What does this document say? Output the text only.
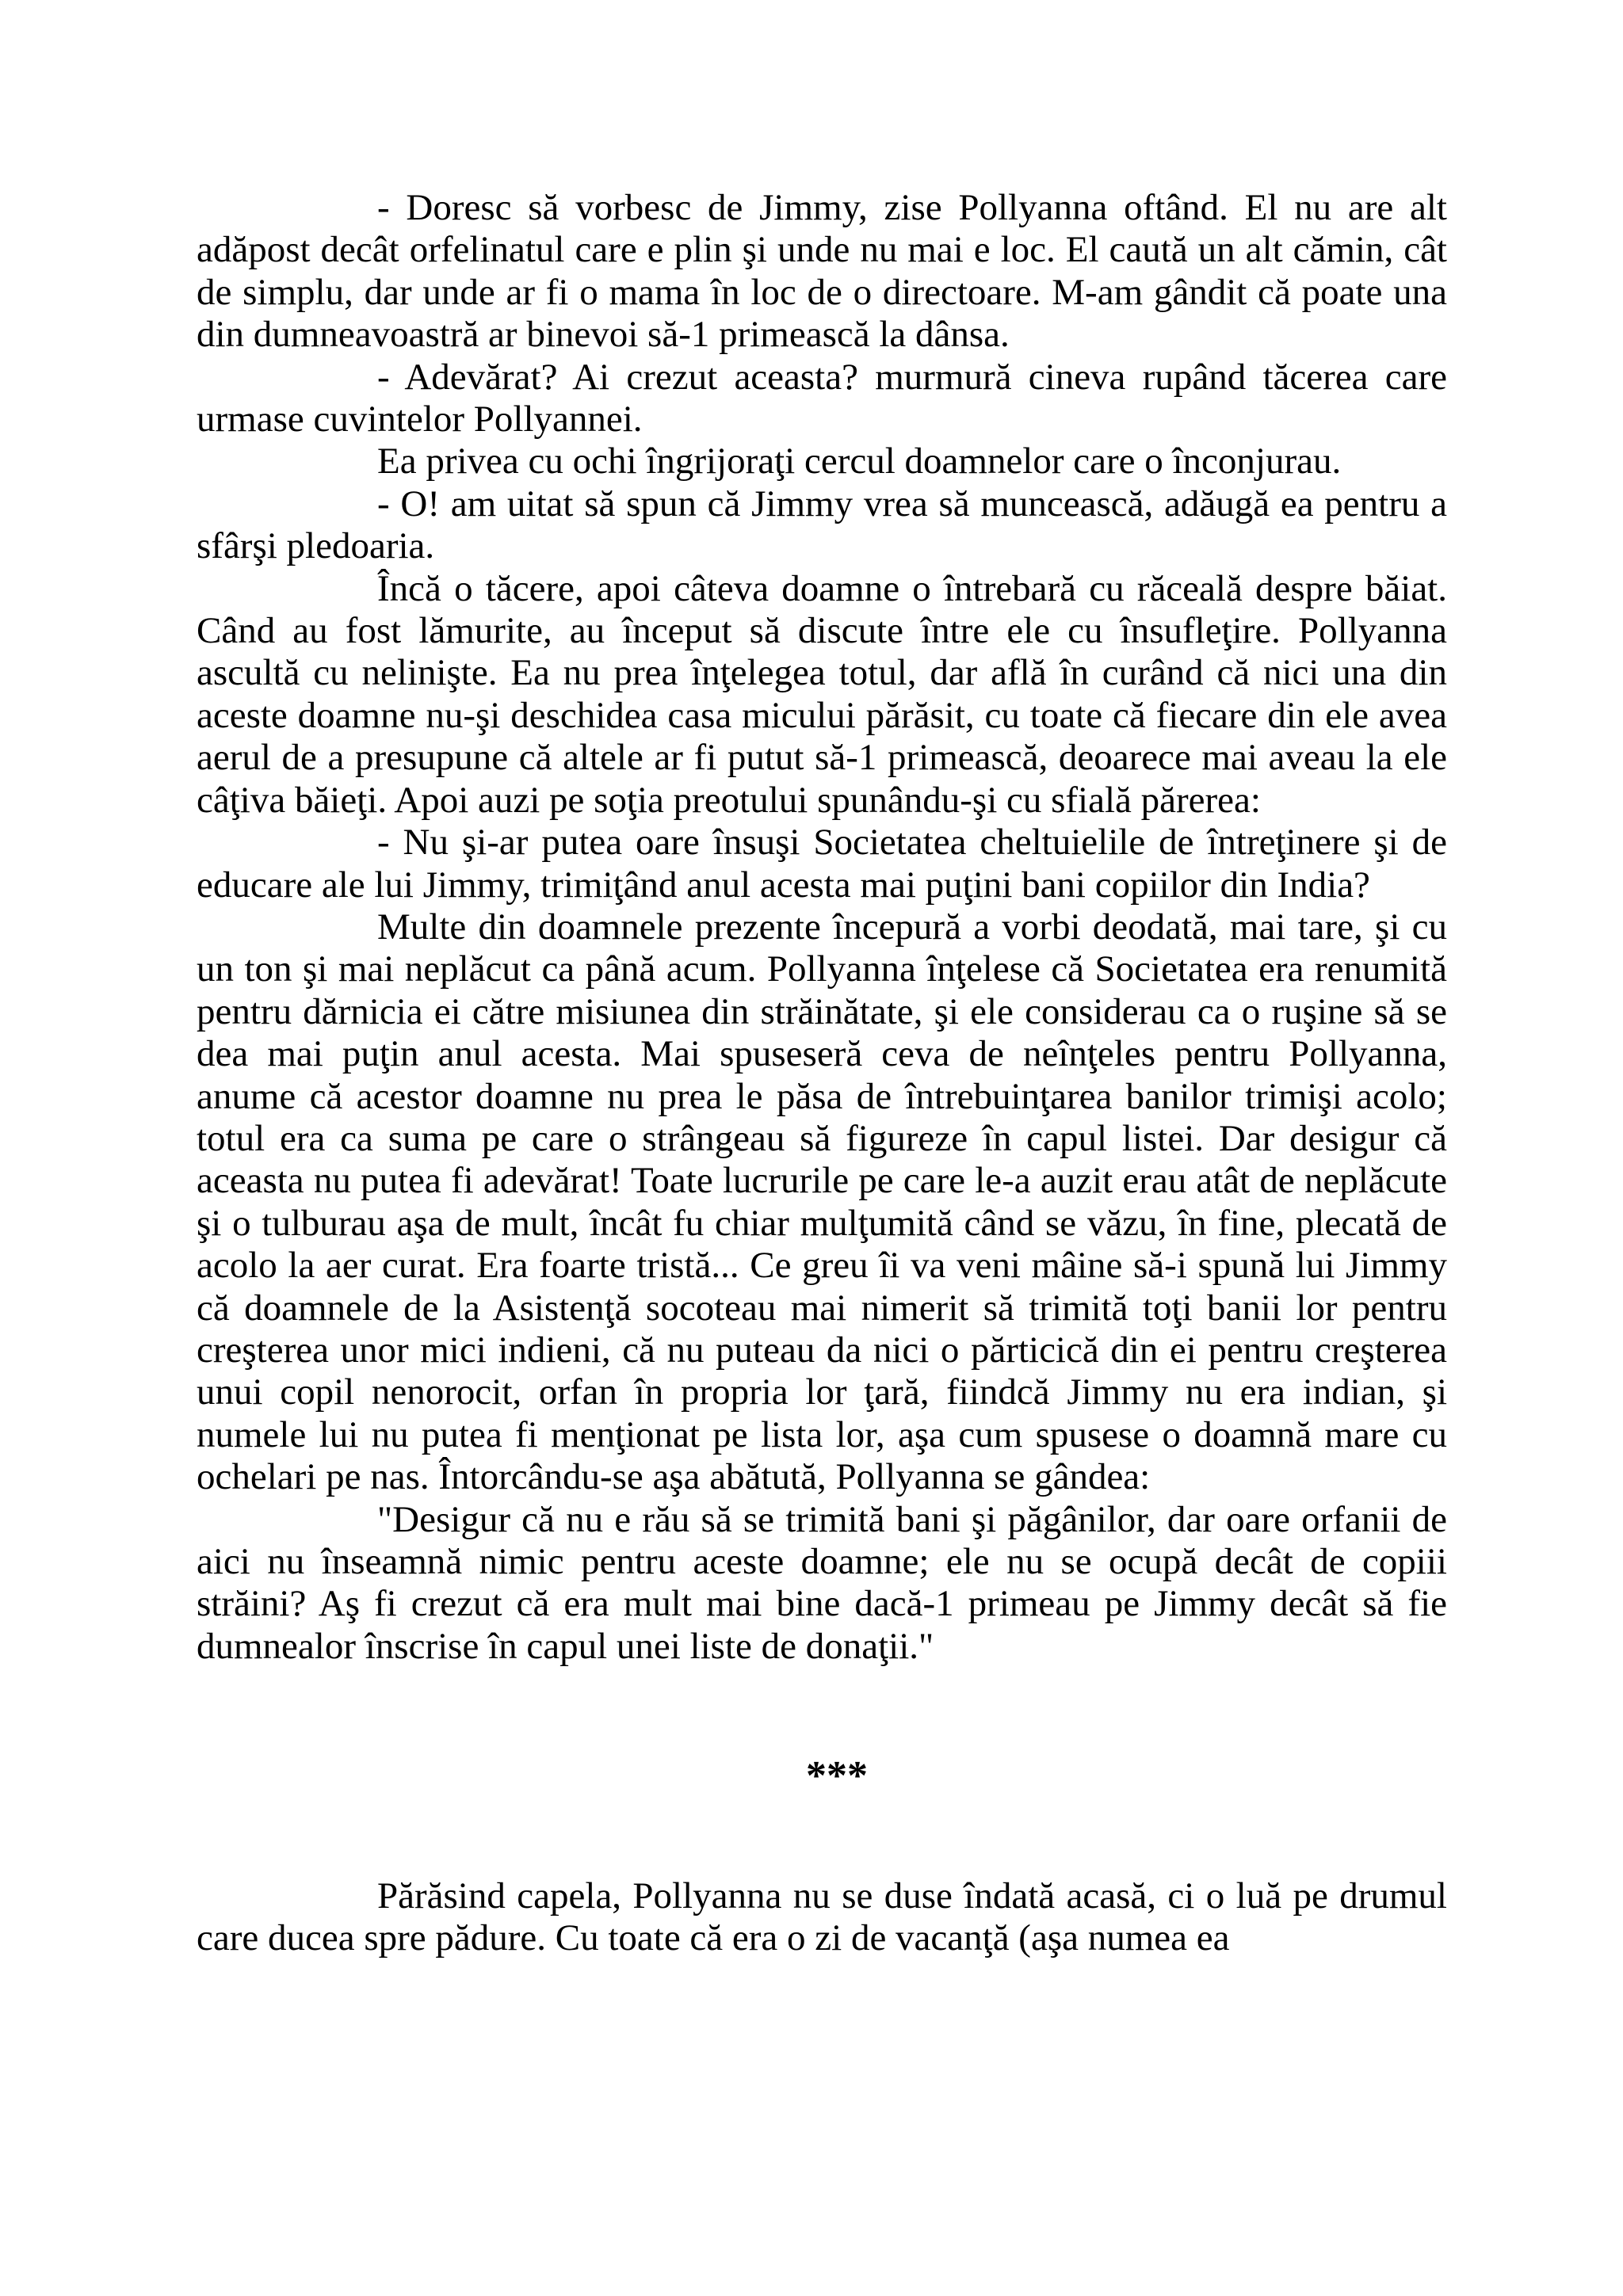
- Doresc să vorbesc de Jimmy, zise Pollyanna oftând. El nu are alt adăpost decât orfelinatul care e plin şi unde nu mai e loc. El caută un alt cămin, cât de simplu, dar unde ar fi o mama în loc de o directoare. M-am gândit că poate una din dumneavoastră ar binevoi să-1 primească la dânsa.

- Adevărat? Ai crezut aceasta? murmură cineva rupând tăcerea care urmase cuvintelor Pollyannei.

Ea privea cu ochi îngrijoraţi cercul doamnelor care o înconjurau.

- O! am uitat să spun că Jimmy vrea să muncească, adăugă ea pentru a sfârşi pledoaria.

Încă o tăcere, apoi câteva doamne o întrebară cu răceală despre băiat. Când au fost lămurite, au început să discute între ele cu însufleţire. Pollyanna ascultă cu nelinişte. Ea nu prea înţelegea totul, dar află în curând că nici una din aceste doamne nu-şi deschidea casa micului părăsit, cu toate că fiecare din ele avea aerul de a presupune că altele ar fi putut să-1 primească, deoarece mai aveau la ele câţiva băieţi. Apoi auzi pe soţia preotului spunându-şi cu sfială părerea:

- Nu şi-ar putea oare însuşi Societatea cheltuielile de întreţinere şi de educare ale lui Jimmy, trimiţând anul acesta mai puţini bani copiilor din India?

Multe din doamnele prezente începură a vorbi deodată, mai tare, şi cu un ton şi mai neplăcut ca până acum. Pollyanna înţelese că Societatea era renumită pentru dărnicia ei către misiunea din străinătate, şi ele considerau ca o ruşine să se dea mai puţin anul acesta. Mai spuseseră ceva de neînţeles pentru Pollyanna, anume că acestor doamne nu prea le păsa de întrebuinţarea banilor trimişi acolo; totul era ca suma pe care o strângeau să figureze în capul listei. Dar desigur că aceasta nu putea fi adevărat! Toate lucrurile pe care le-a auzit erau atât de neplăcute şi o tulburau aşa de mult, încât fu chiar mulţumită când se văzu, în fine, plecată de acolo la aer curat. Era foarte tristă... Ce greu îi va veni mâine să-i spună lui Jimmy că doamnele de la Asistenţă socoteau mai nimerit să trimită toţi banii lor pentru creşterea unor mici indieni, că nu puteau da nici o părticică din ei pentru creşterea unui copil nenorocit, orfan în propria lor ţară, fiindcă Jimmy nu era indian, şi numele lui nu putea fi menţionat pe lista lor, aşa cum spusese o doamnă mare cu ochelari pe nas. Întorcându-se aşa abătută, Pollyanna se gândea:

"Desigur că nu e rău să se trimită bani şi păgânilor, dar oare orfanii de aici nu înseamnă nimic pentru aceste doamne; ele nu se ocupă decât de copiii străini? Aş fi crezut că era mult mai bine dacă-1 primeau pe Jimmy decât să fie dumnealor înscrise în capul unei liste de donaţii."

***

Părăsind capela, Pollyanna nu se duse îndată acasă, ci o luă pe drumul care ducea spre pădure. Cu toate că era o zi de vacanţă (aşa numea ea
